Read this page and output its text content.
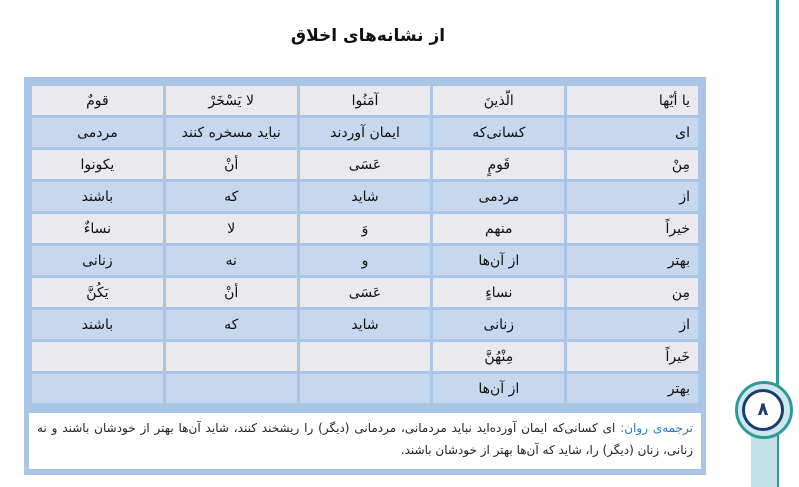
از نشانه‌های اخلاق
يا أيّها	الّذينَ	آمَنُوا	لا يَسْخَرْ	قومٌ
ای	کسانی‌که	ایمان آوردند	نباید مسخره کنند	مردمی
مِنْ	قَومٍ	عَسَی	أنْ	يکونوا
از	مردمی	شاید	که	باشند
خيراً	منهم	وَ	لا	نساءٌ
بهتر	از آن‌ها	و	نه	زنانی
مِن	نساءٍ	عَسَی	أنْ	يَكُنَّ
از	زنانی	شاید	که	باشند
خَيراً	مِنْهُنَّ			
بهتر	از آن‌ها			
ترجمه‌ی روان: ای کسانی‌که ایمان آورده‌اید نباید مردمانی، مردمانی (دیگر) را ریشخند کنند، شاید آن‌ها بهتر از خودشان باشند و نه زنانی، زنان (دیگر) را، شاید که آن‌ها بهتر از خودشان باشند.
۸
